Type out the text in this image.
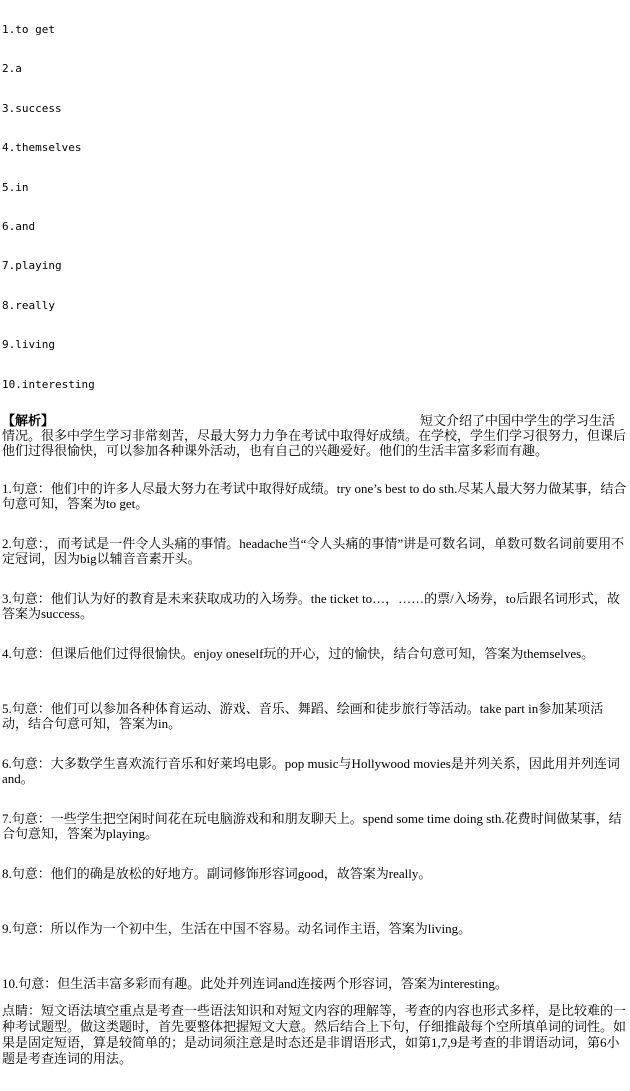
1.to get
2.a
3.success
4.themselves
5.in
6.and
7.playing
8.really
9.living
10.interesting
【解析】	短文介绍了中国中学生的学习生活

情况。很多中学生学习非常刻苦，尽最大努力力争在考试中取得好成绩。在学校，学生们学习很努力，但课后他们过得很愉快，可以参加各种课外活动，也有自己的兴趣爱好。他们的生活丰富多彩而有趣。

1.句意：他们中的许多人尽最大努力在考试中取得好成绩。try one’s best to do sth.尽某人最大努力做某事，结合句意可知，答案为to get。
2.句意：，而考试是一件令人头痛的事情。headache当“令人头痛的事情”讲是可数名词，单数可数名词前要用不定冠词，因为big以辅音音素开头。
3.句意：他们认为好的教育是未来获取成功的入场券。the ticket to…，……的票/入场券，to后跟名词形式，故答案为success。
4.句意：但课后他们过得很愉快。enjoy oneself玩的开心，过的愉快，结合句意可知，答案为themselves。
5.句意：他们可以参加各种体育运动、游戏、音乐、舞蹈、绘画和徒步旅行等活动。take part in参加某项活动，结合句意可知，答案为in。
6.句意：大多数学生喜欢流行音乐和好莱坞电影。pop music与Hollywood movies是并列关系，因此用并列连词and。
7.句意：一些学生把空闲时间花在玩电脑游戏和和朋友聊天上。spend some time doing sth.花费时间做某事，结合句意知，答案为playing。
8.句意：他们的确是放松的好地方。副词修饰形容词good，故答案为really。
9.句意：所以作为一个初中生，生活在中国不容易。动名词作主语，答案为living。
10.句意：但生活丰富多彩而有趣。此处并列连词and连接两个形容词，答案为interesting。
点睛：短文语法填空重点是考查一些语法知识和对短文内容的理解等，考查的内容也形式多样，是比较难的一种考试题型。做这类题时，首先要整体把握短文大意。然后结合上下句，仔细推敲每个空所填单词的词性。如果是固定短语，算是较简单的；是动词须注意是时态还是非谓语形式，如第1,7,9是考查的非谓语动词，第6小题是考查连词的用法。
